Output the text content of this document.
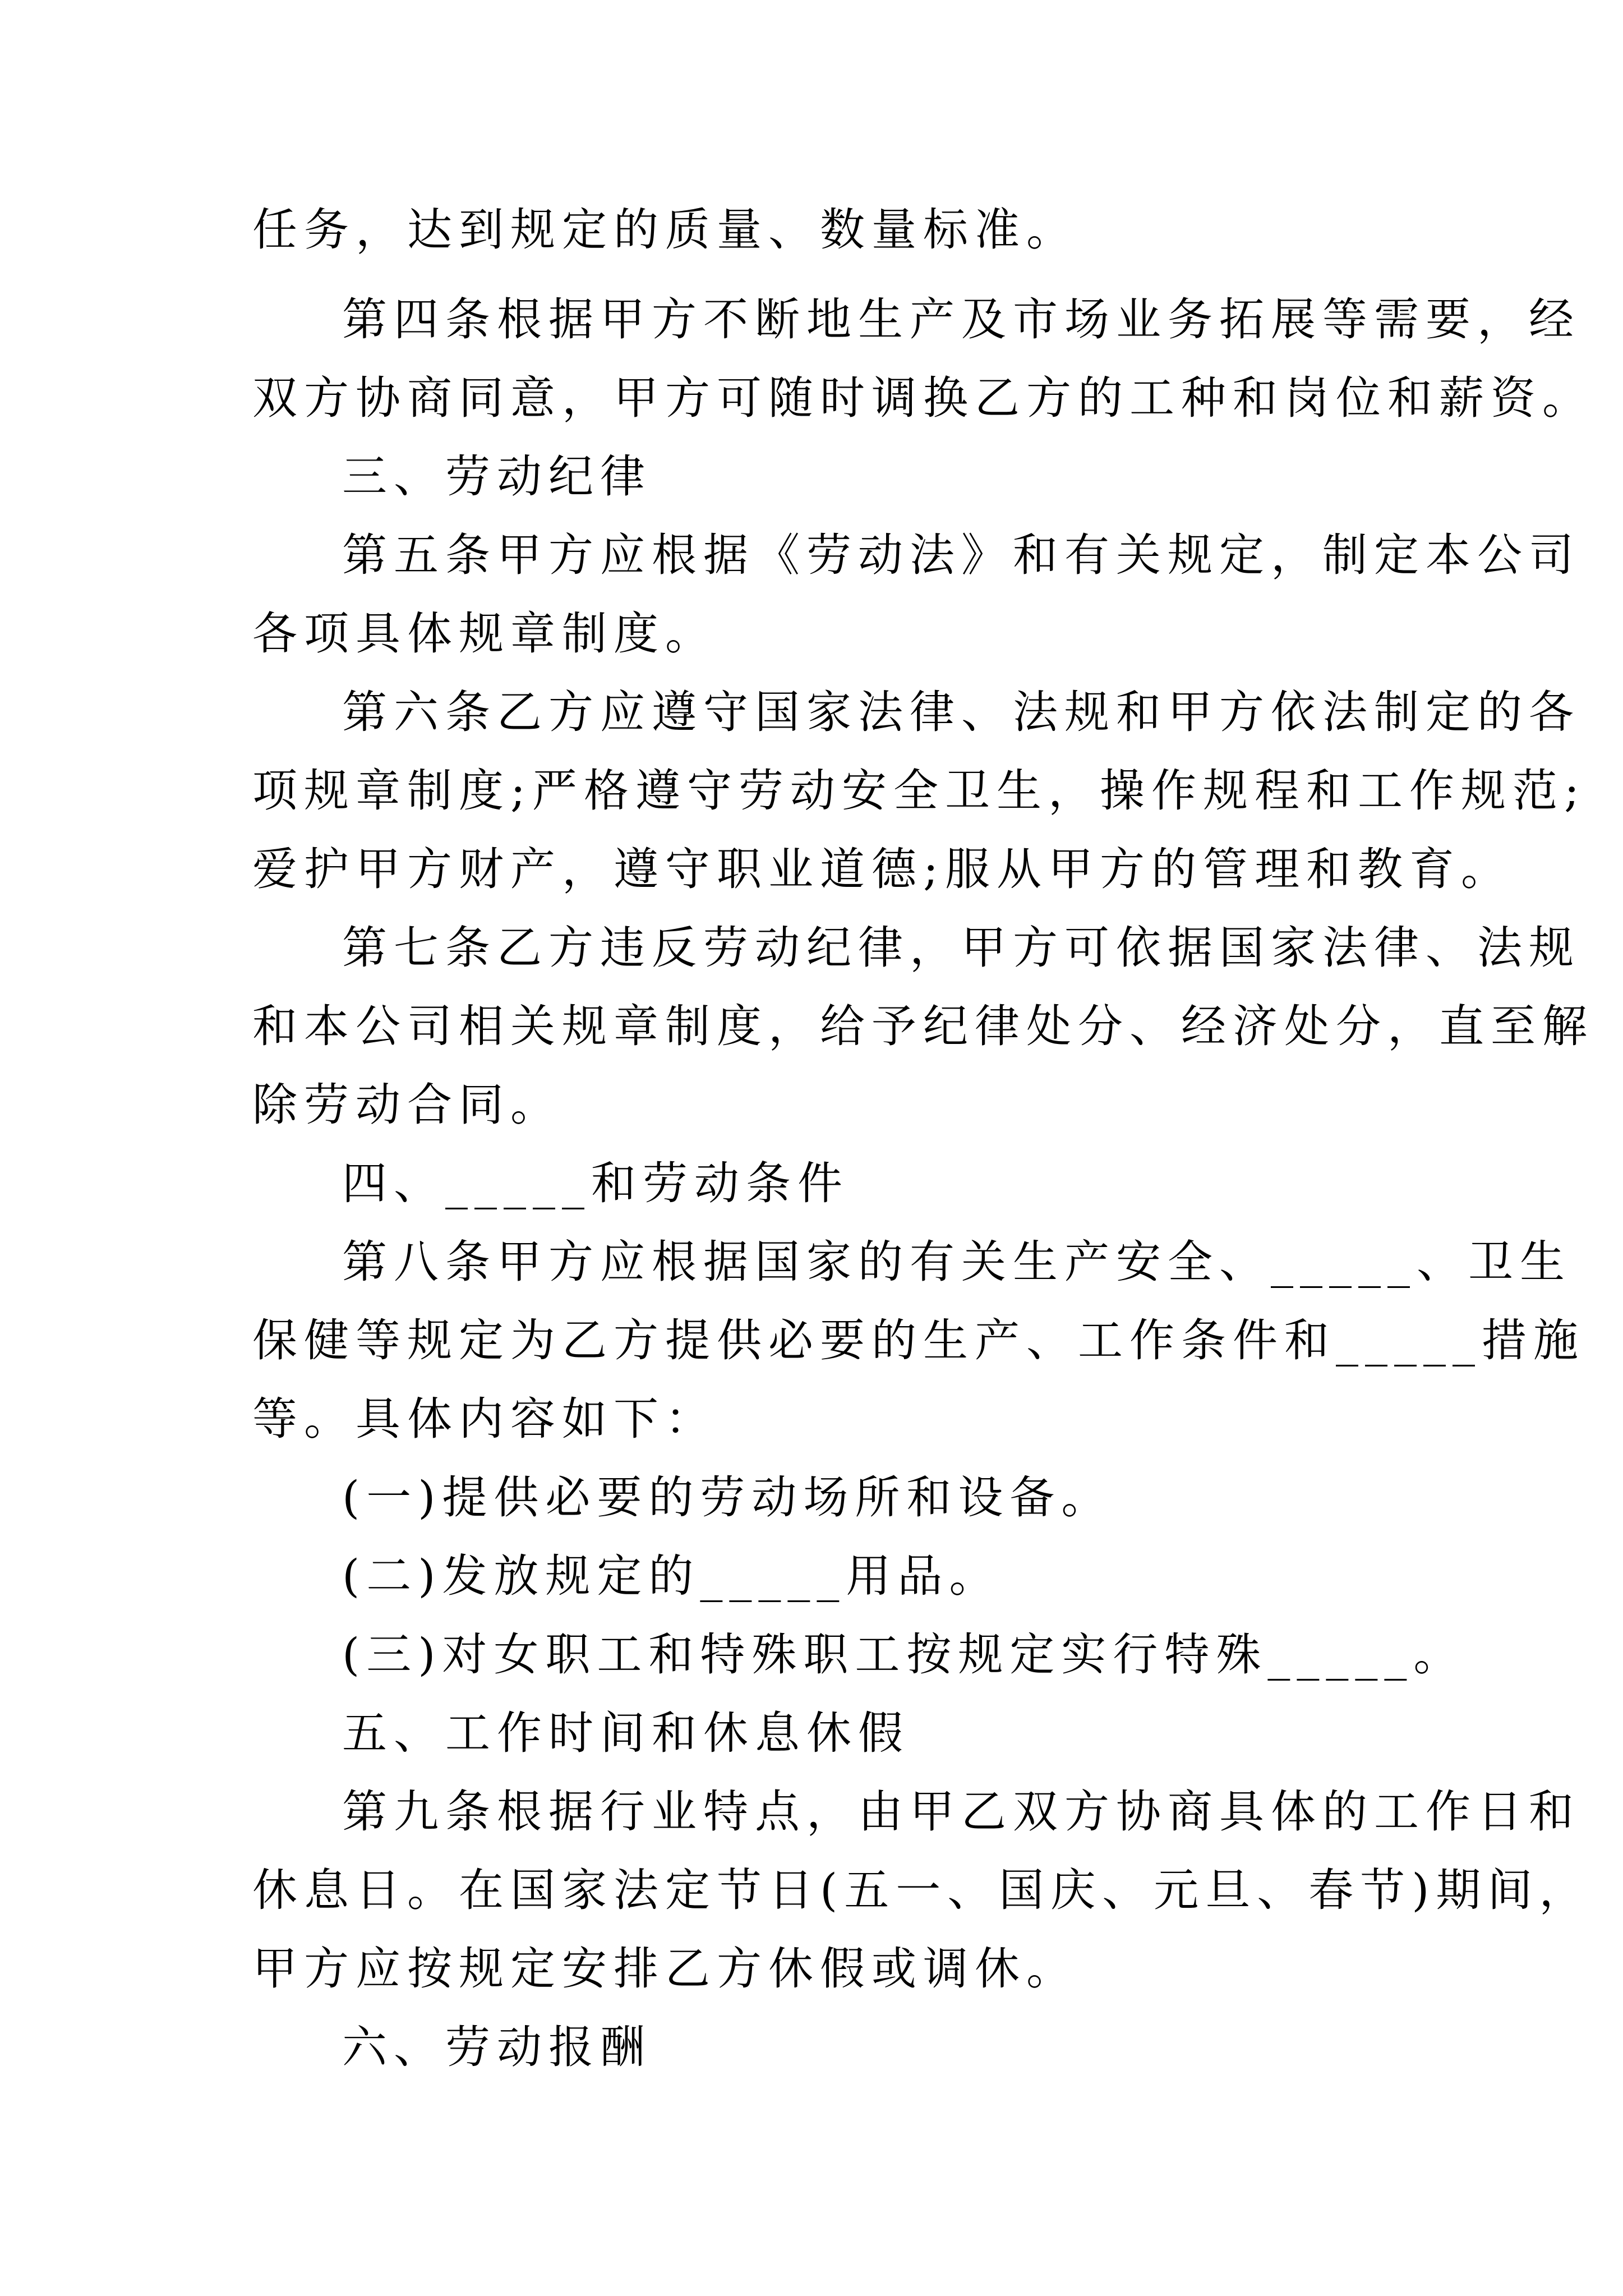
任务，达到规定的质量、数量标准。
第四条根据甲方不断地生产及市场业务拓展等需要，经
双方协商同意，甲方可随时调换乙方的工种和岗位和薪资。
三、劳动纪律
第五条甲方应根据《劳动法》和有关规定，制定本公司
各项具体规章制度。
第六条乙方应遵守国家法律、法规和甲方依法制定的各
项规章制度;严格遵守劳动安全卫生，操作规程和工作规范;
爱护甲方财产，遵守职业道德;服从甲方的管理和教育。
第七条乙方违反劳动纪律，甲方可依据国家法律、法规
和本公司相关规章制度，给予纪律处分、经济处分，直至解
除劳动合同。
四、_____和劳动条件
第八条甲方应根据国家的有关生产安全、_____、卫生
保健等规定为乙方提供必要的生产、工作条件和_____措施
等。具体内容如下：
(一)提供必要的劳动场所和设备。
(二)发放规定的_____用品。
(三)对女职工和特殊职工按规定实行特殊_____。
五、工作时间和休息休假
第九条根据行业特点，由甲乙双方协商具体的工作日和
休息日。在国家法定节日(五一、国庆、元旦、春节)期间，
甲方应按规定安排乙方休假或调休。
六、劳动报酬
